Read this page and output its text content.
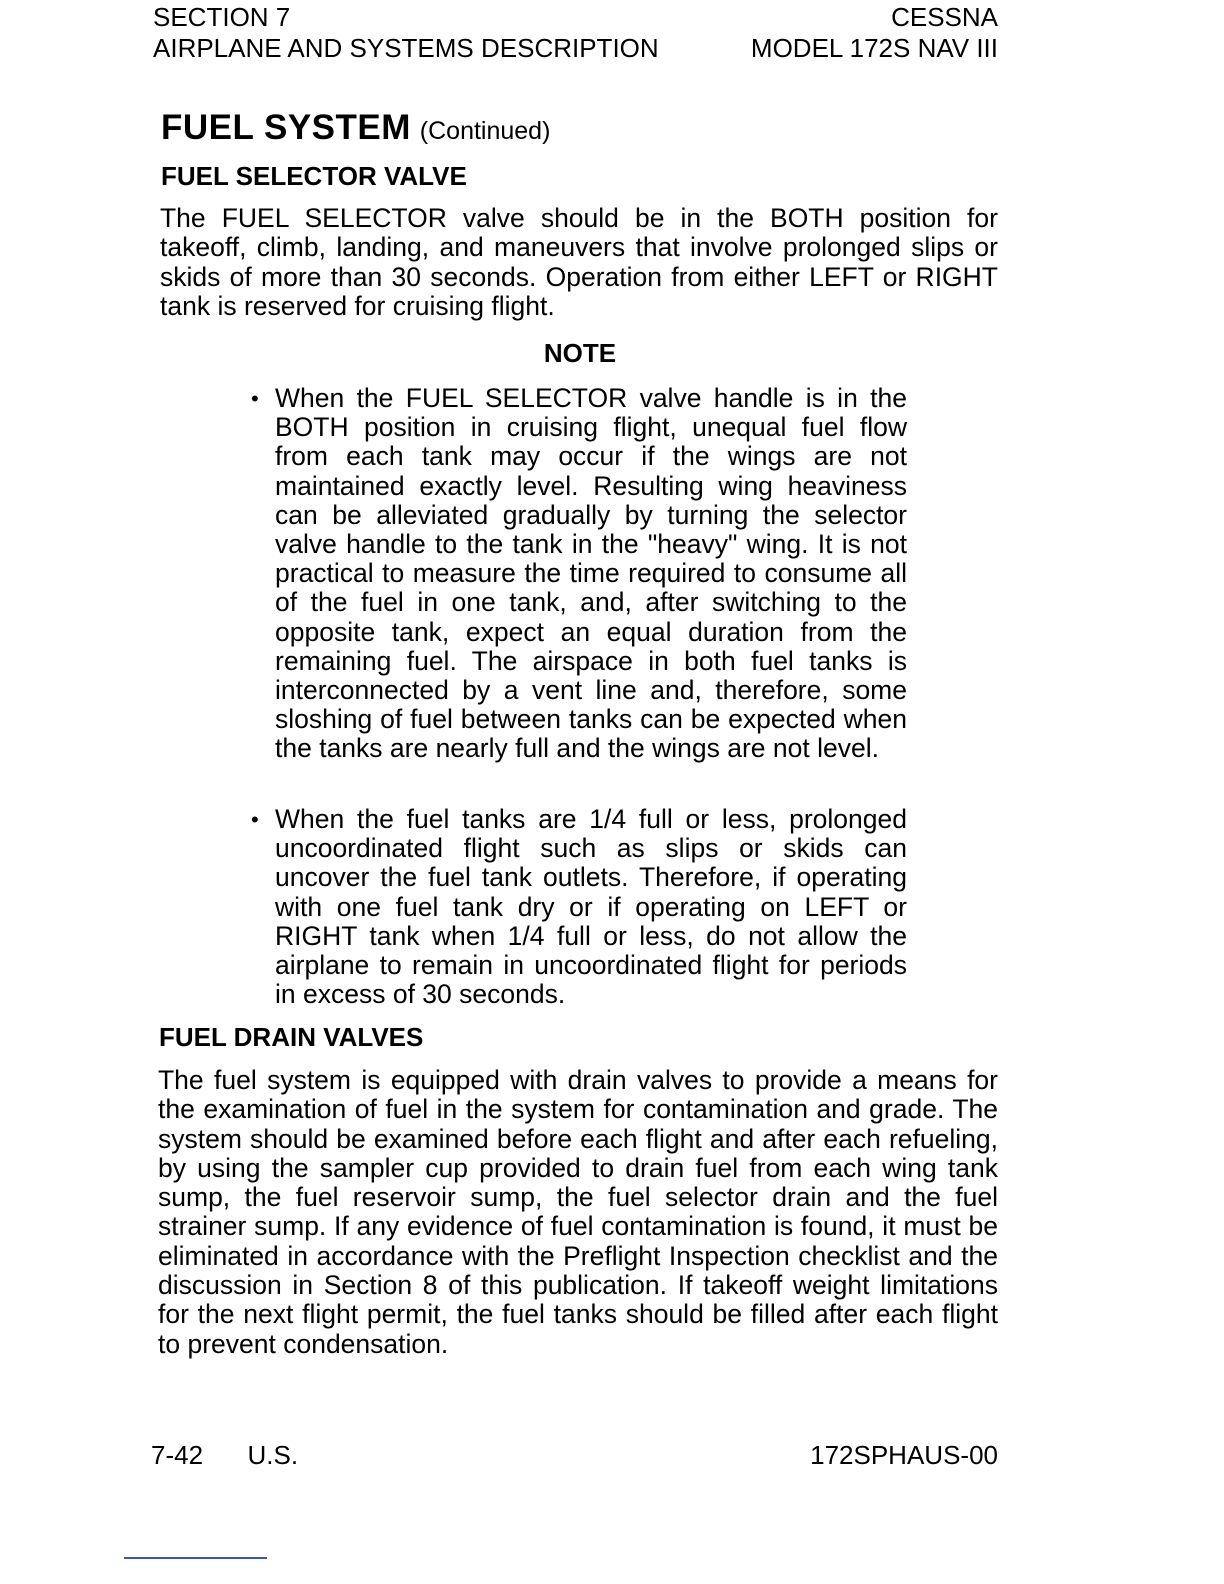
SECTION 7
AIRPLANE AND SYSTEMS DESCRIPTION
CESSNA
MODEL 172S NAV III
FUEL SYSTEM (Continued)
FUEL SELECTOR VALVE

The FUEL SELECTOR valve should be in the BOTH position for takeoff, climb, landing, and maneuvers that involve prolonged slips or skids of more than 30 seconds. Operation from either LEFT or RIGHT tank is reserved for cruising flight.

NOTE
• When the FUEL SELECTOR valve handle is in the BOTH position in cruising flight, unequal fuel flow from each tank may occur if the wings are not maintained exactly level. Resulting wing heaviness can be alleviated gradually by turning the selector valve handle to the tank in the "heavy" wing. It is not practical to measure the time required to consume all of the fuel in one tank, and, after switching to the opposite tank, expect an equal duration from the remaining fuel. The airspace in both fuel tanks is interconnected by a vent line and, therefore, some sloshing of fuel between tanks can be expected when the tanks are nearly full and the wings are not level.
• When the fuel tanks are 1/4 full or less, prolonged uncoordinated flight such as slips or skids can uncover the fuel tank outlets. Therefore, if operating with one fuel tank dry or if operating on LEFT or RIGHT tank when 1/4 full or less, do not allow the airplane to remain in uncoordinated flight for periods in excess of 30 seconds.
FUEL DRAIN VALVES

The fuel system is equipped with drain valves to provide a means for the examination of fuel in the system for contamination and grade. The system should be examined before each flight and after each refueling, by using the sampler cup provided to drain fuel from each wing tank sump, the fuel reservoir sump, the fuel selector drain and the fuel strainer sump. If any evidence of fuel contamination is found, it must be eliminated in accordance with the Preflight Inspection checklist and the discussion in Section 8 of this publication. If takeoff weight limitations for the next flight permit, the fuel tanks should be filled after each flight to prevent condensation.

7-42 U.S.	172SPHAUS-00
